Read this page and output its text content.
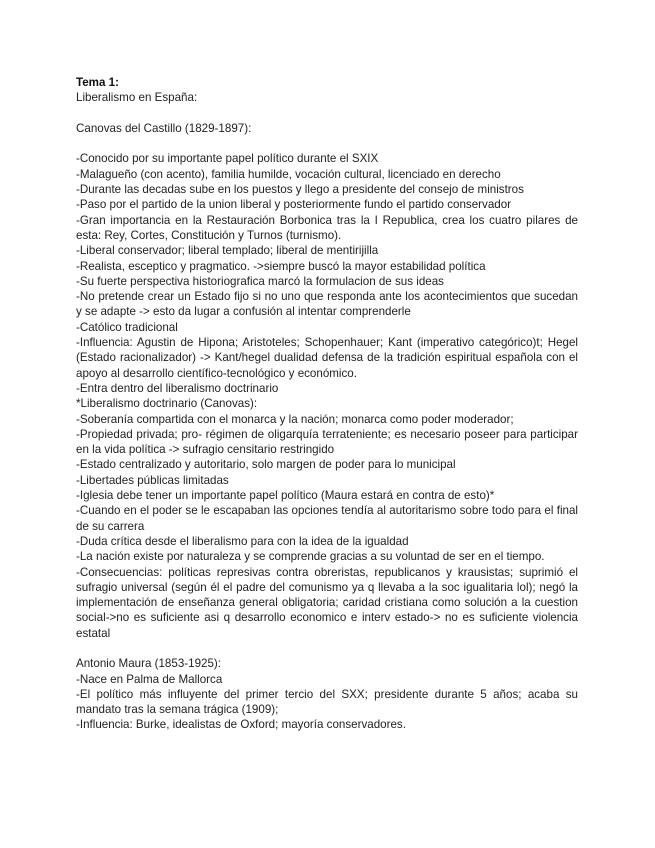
Tema 1:
Liberalismo en España:
Canovas del Castillo (1829-1897):
-Conocido por su importante papel político durante el SXIX
-Malagueño (con acento), familia humilde, vocación cultural, licenciado en derecho
-Durante las decadas sube en los puestos y llego a presidente del consejo de ministros
-Paso por el partido de la union liberal y posteriormente fundo el partido conservador
-Gran importancia en la Restauración Borbonica tras la I Republica, crea los cuatro pilares de esta: Rey, Cortes, Constitución y Turnos (turnismo).
-Liberal conservador; liberal templado; liberal de mentirijilla
-Realista, esceptico y pragmatico. ->siempre buscó la mayor estabilidad política
-Su fuerte perspectiva historiografica marcó la formulacion de sus ideas
-No pretende crear un Estado fijo si no uno que responda ante los acontecimientos que sucedan y se adapte -> esto da lugar a confusión al intentar comprenderle
-Católico tradicional
-Influencia: Agustin de Hipona; Aristoteles; Schopenhauer; Kant (imperativo categórico)t; Hegel (Estado racionalizador) -> Kant/hegel dualidad defensa de la tradición espiritual española con el apoyo al desarrollo científico-tecnológico y económico.
-Entra dentro del liberalismo doctrinario
*Liberalismo doctrinario (Canovas):
-Soberanía compartida con el monarca y la nación; monarca como poder moderador;
-Propiedad privada; pro- régimen de oligarquía terrateniente; es necesario poseer para participar en la vida política -> sufragio censitario restringido
-Estado centralizado y autoritario, solo margen de poder para lo municipal
-Libertades públicas limitadas
-Iglesia debe tener un importante papel político (Maura estará en contra de esto)*
-Cuando en el poder se le escapaban las opciones tendía al autoritarismo sobre todo para el final de su carrera
-Duda crítica desde el liberalismo para con la idea de la igualdad
-La nación existe por naturaleza y se comprende gracias a su voluntad de ser en el tiempo.
-Consecuencias: políticas represivas contra obreristas, republicanos y krausistas; suprimió el sufragio universal (según él el padre del comunismo ya q llevaba a la soc igualitaria lol); negó la implementación de enseñanza general obligatoria; caridad cristiana como solución a la cuestion social->no es suficiente asi q desarrollo economico e interv estado-> no es suficiente violencia estatal
Antonio Maura (1853-1925):
-Nace en Palma de Mallorca
-El político más influyente del primer tercio del SXX; presidente durante 5 años; acaba su mandato tras la semana trágica (1909);
-Influencia: Burke, idealistas de Oxford; mayoría conservadores.
